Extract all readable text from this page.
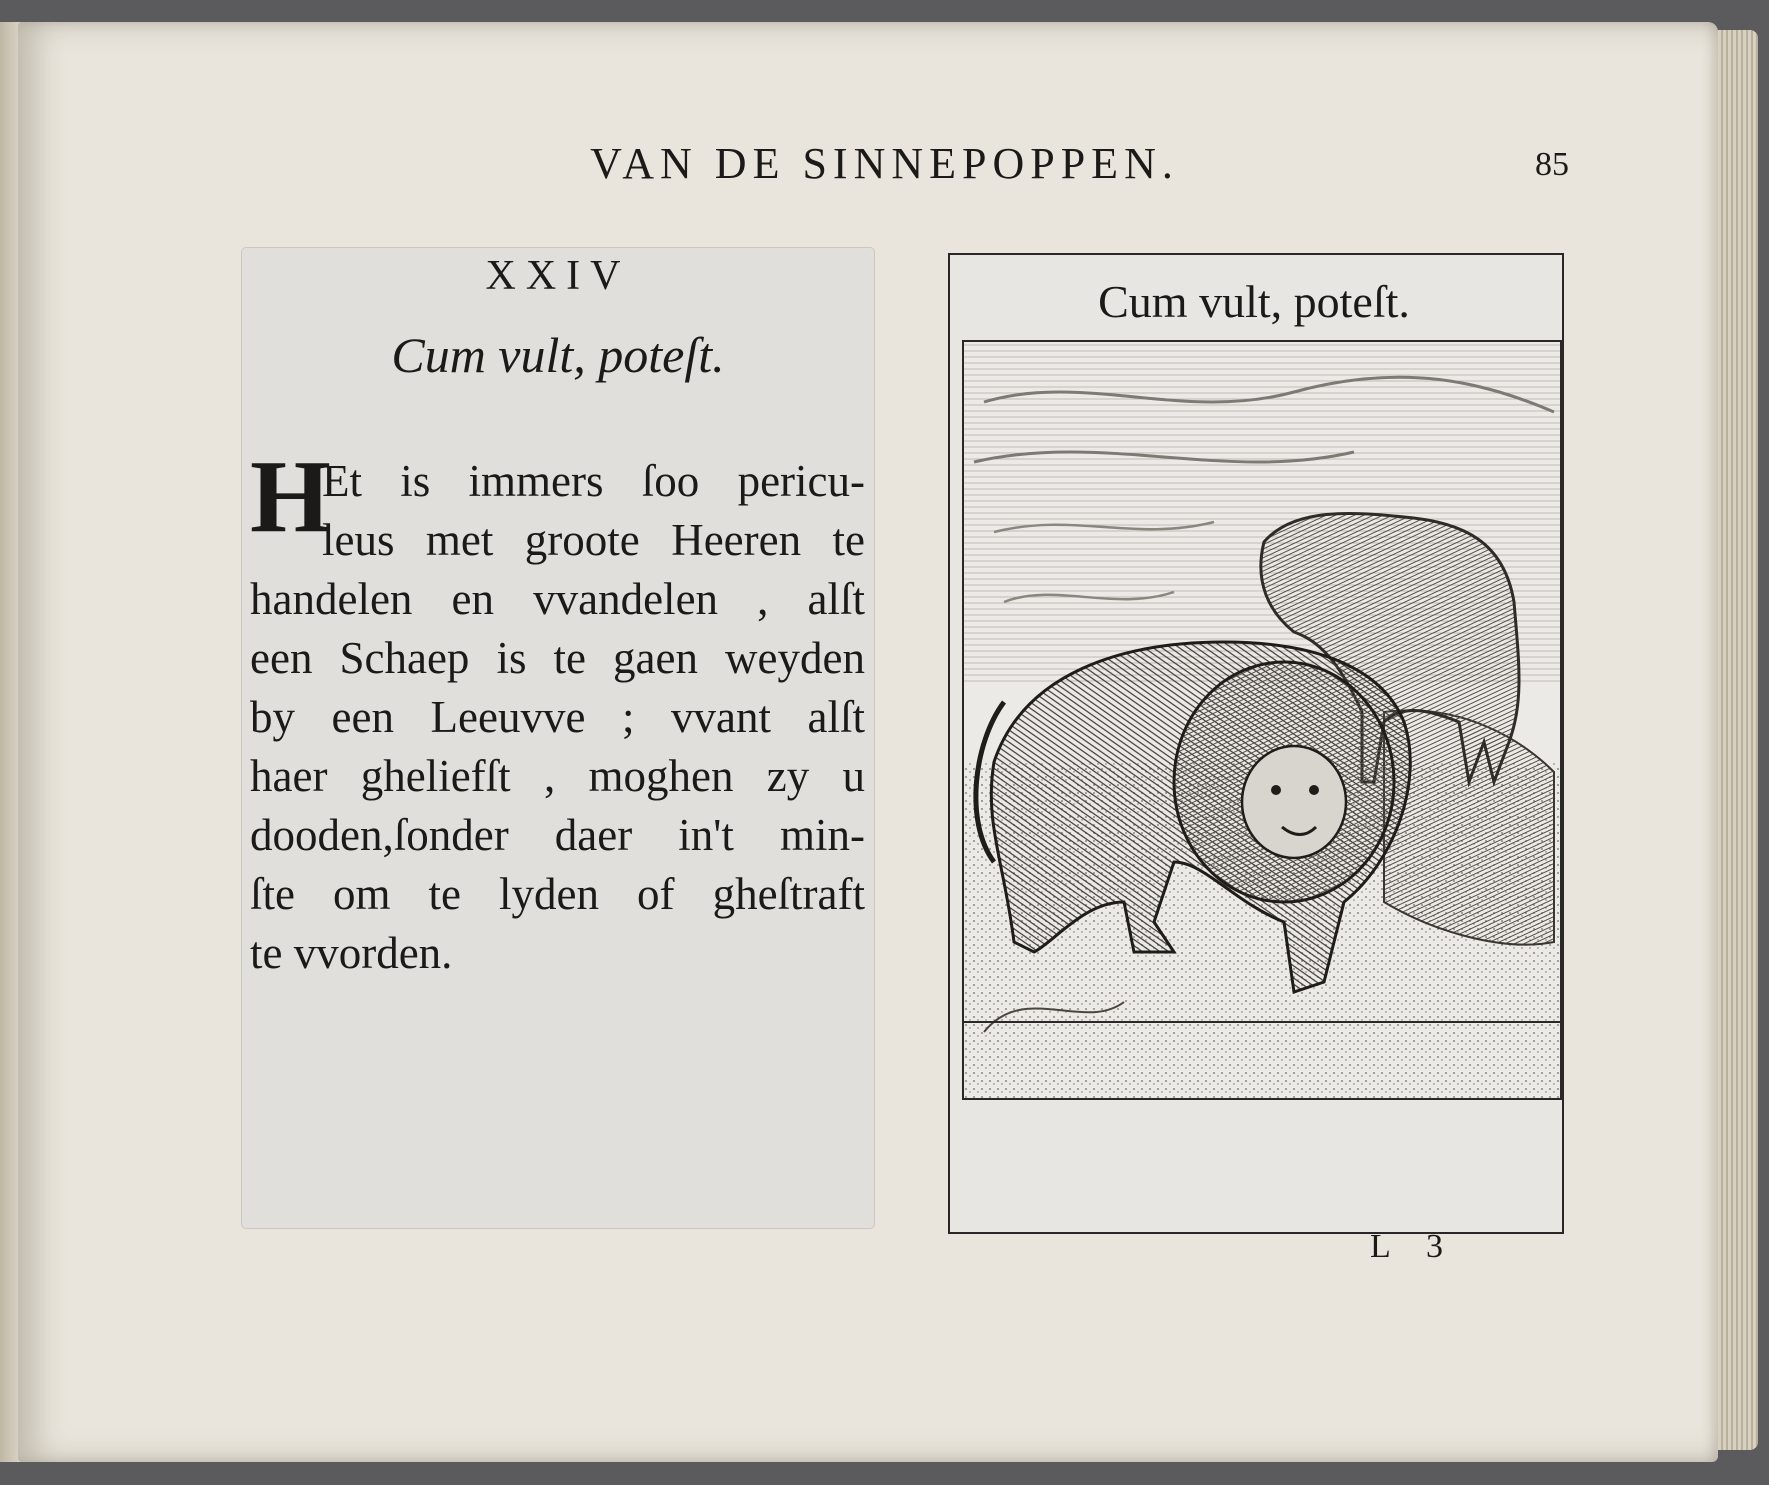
VAN DE SINNEPOPPEN.	85
XXIV
Cum vult, poteſt.
H
Et is immers ſoo pericu-
leus met groote Heeren te
handelen en vvandelen , alſt
een Schaep is te gaen weyden
by een Leeuvve ; vvant alſt
haer gheliefſt , moghen zy u
dooden,ſonder daer in't min-
ſte om te lyden of gheſtraft
te vvorden.
Cum vult, poteſt.
L 3
